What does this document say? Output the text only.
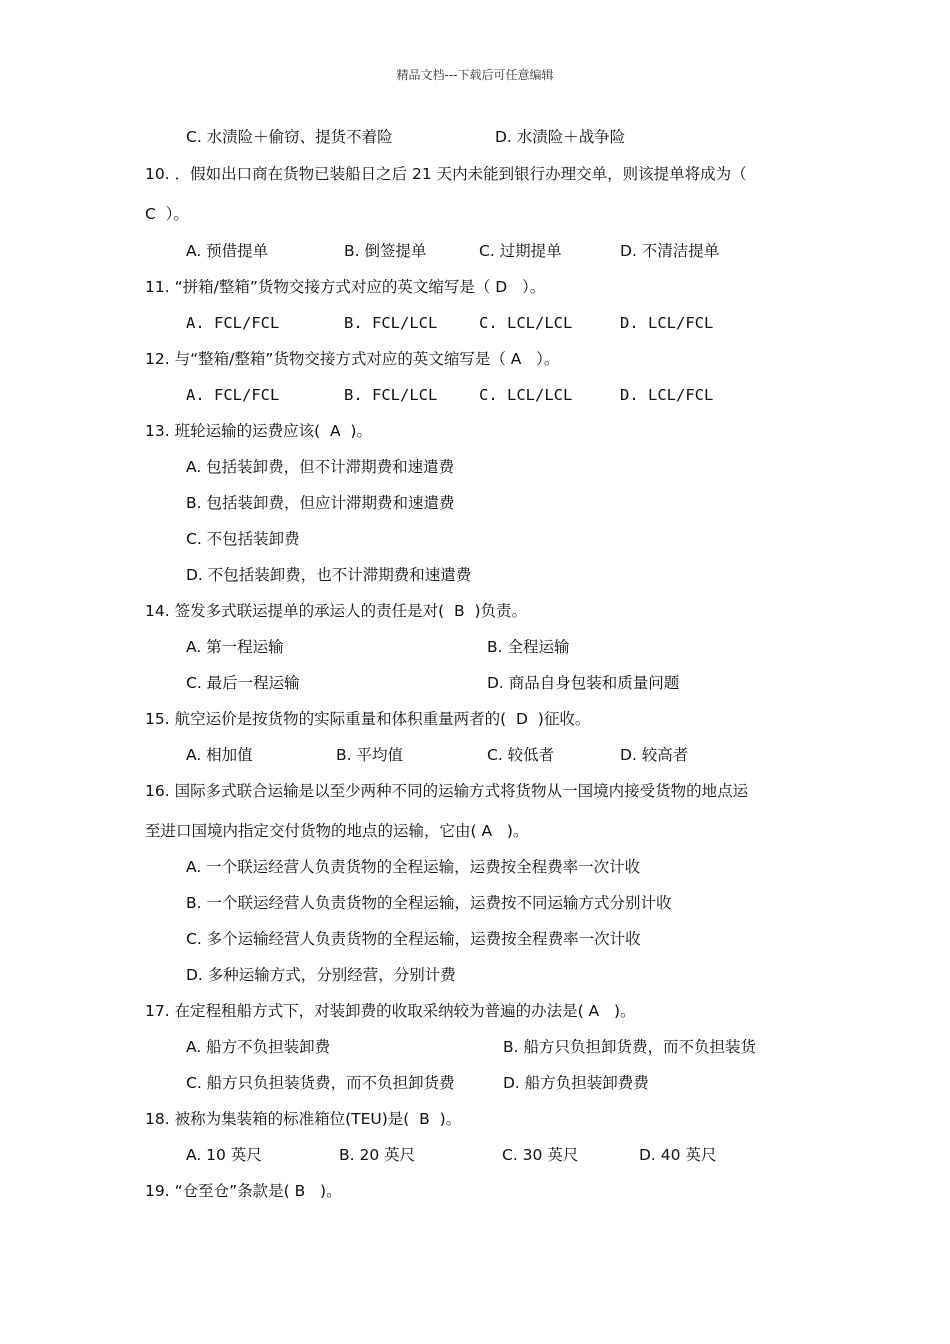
精品文档---下载后可任意编辑
C. 水渍险＋偷窃、提货不着险	D. 水渍险＋战争险
10. ．假如出口商在货物已装船日之后 21 天内未能到银行办理交单，则该提单将成为（
C  ）。
A. 预借提单	B. 倒签提单	C. 过期提单	D. 不清洁提单
11. “拼箱/整箱”货物交接方式对应的英文缩写是（ D   ）。
A. FCL/FCL	B. FCL/LCL	C. LCL/LCL	D. LCL/FCL
12. 与“整箱/整箱”货物交接方式对应的英文缩写是（ A   ）。
A. FCL/FCL	B. FCL/LCL	C. LCL/LCL	D. LCL/FCL
13. 班轮运输的运费应该(  A  )。
A. 包括装卸费，但不计滞期费和速遣费
B. 包括装卸费，但应计滞期费和速遣费
C. 不包括装卸费
D. 不包括装卸费，也不计滞期费和速遣费
14. 签发多式联运提单的承运人的责任是对(  B  )负责。
A. 第一程运输	B. 全程运输
C. 最后一程运输	D. 商品自身包装和质量问题
15. 航空运价是按货物的实际重量和体积重量两者的(  D  )征收。
A. 相加值	B. 平均值	C. 较低者	D. 较高者
16. 国际多式联合运输是以至少两种不同的运输方式将货物从一国境内接受货物的地点运
至进口国境内指定交付货物的地点的运输，它由( A   )。
A. 一个联运经营人负责货物的全程运输，运费按全程费率一次计收
B. 一个联运经营人负责货物的全程运输，运费按不同运输方式分别计收
C. 多个运输经营人负责货物的全程运输，运费按全程费率一次计收
D. 多种运输方式，分别经营，分别计费
17. 在定程租船方式下，对装卸费的收取采纳较为普遍的办法是( A   )。
A. 船方不负担装卸费	B. 船方只负担卸货费，而不负担装货
C. 船方只负担装货费，而不负担卸货费	D. 船方负担装卸费费
18. 被称为集装箱的标准箱位(TEU)是(  B  )。
A. 10 英尺	B. 20 英尺	C. 30 英尺	D. 40 英尺
19. “仓至仓”条款是( B   )。
